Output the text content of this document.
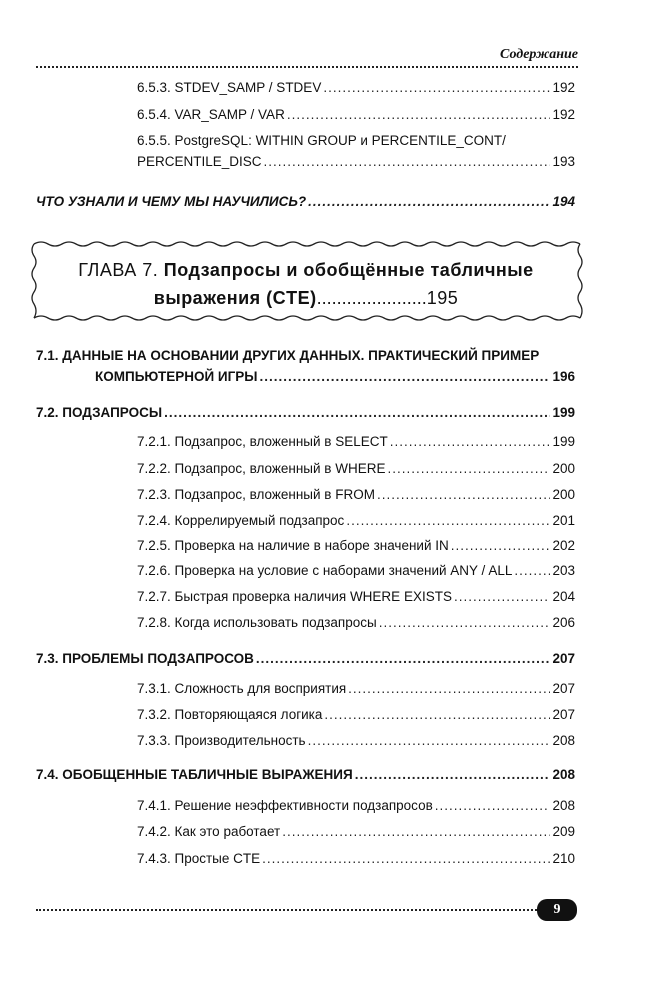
Содержание
6.5.3. STDEV_SAMP / STDEV .....	192
6.5.4. VAR_SAMP / VAR .....	192
6.5.5. PostgreSQL: WITHIN GROUP и PERCENTILE_CONT/
PERCENTILE_DISC .....	193
ЧТО УЗНАЛИ И ЧЕМУ МЫ НАУЧИЛИСЬ? .....	194
ГЛАВА 7. Подзапросы и обобщённые табличные
выражения (CTE)......................195
7.1. ДАННЫЕ НА ОСНОВАНИИ ДРУГИХ ДАННЫХ. ПРАКТИЧЕСКИЙ ПРИМЕР
КОМПЬЮТЕРНОЙ ИГРЫ .....	196
7.2. ПОДЗАПРОСЫ .....	199
7.2.1. Подзапрос, вложенный в SELECT .....	199
7.2.2. Подзапрос, вложенный в WHERE .....	200
7.2.3. Подзапрос, вложенный в FROM .....	200
7.2.4. Коррелируемый подзапрос .....	201
7.2.5. Проверка на наличие в наборе значений IN .....	202
7.2.6. Проверка на условие с наборами значений ANY / ALL .....	203
7.2.7. Быстрая проверка наличия WHERE EXISTS .....	204
7.2.8. Когда использовать подзапросы .....	206
7.3. ПРОБЛЕМЫ ПОДЗАПРОСОВ .....	207
7.3.1. Сложность для восприятия .....	207
7.3.2. Повторяющаяся логика .....	207
7.3.3. Производительность .....	208
7.4. ОБОБЩЕННЫЕ ТАБЛИЧНЫЕ ВЫРАЖЕНИЯ .....	208
7.4.1. Решение неэффективности подзапросов .....	208
7.4.2. Как это работает .....	209
7.4.3. Простые CTE .....	210
9
